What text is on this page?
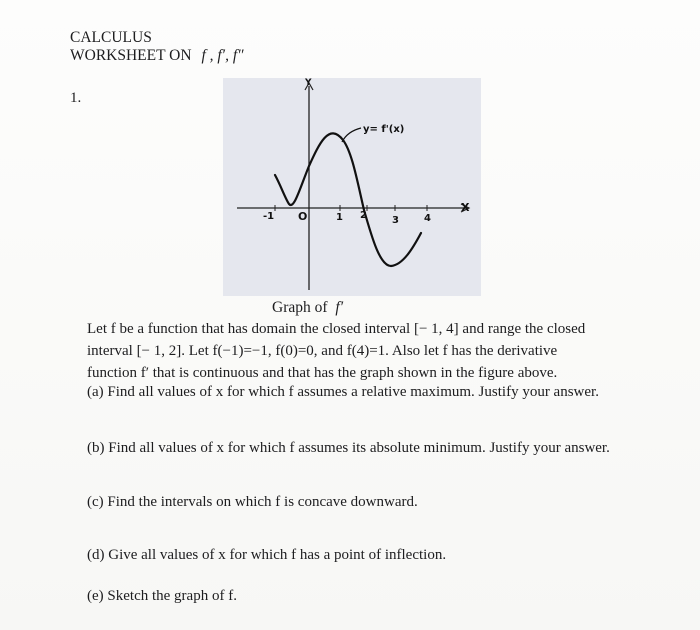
CALCULUS
WORKSHEET ON f , f′, f″
1.
y= f'(x)
Y
X
O
-1	1 2	3	4
Graph of f′
Let f be a function that has domain the closed interval [− 1, 4] and range the closed
interval [− 1, 2]. Let f(−1)=−1, f(0)=0, and f(4)=1. Also let f has the derivative
function f′ that is continuous and that has the graph shown in the figure above.
(a) Find all values of x for which f assumes a relative maximum. Justify your answer.
(b) Find all values of x for which f assumes its absolute minimum. Justify your answer.
(c) Find the intervals on which f is concave downward.
(d) Give all values of x for which f has a point of inflection.
(e) Sketch the graph of f.
